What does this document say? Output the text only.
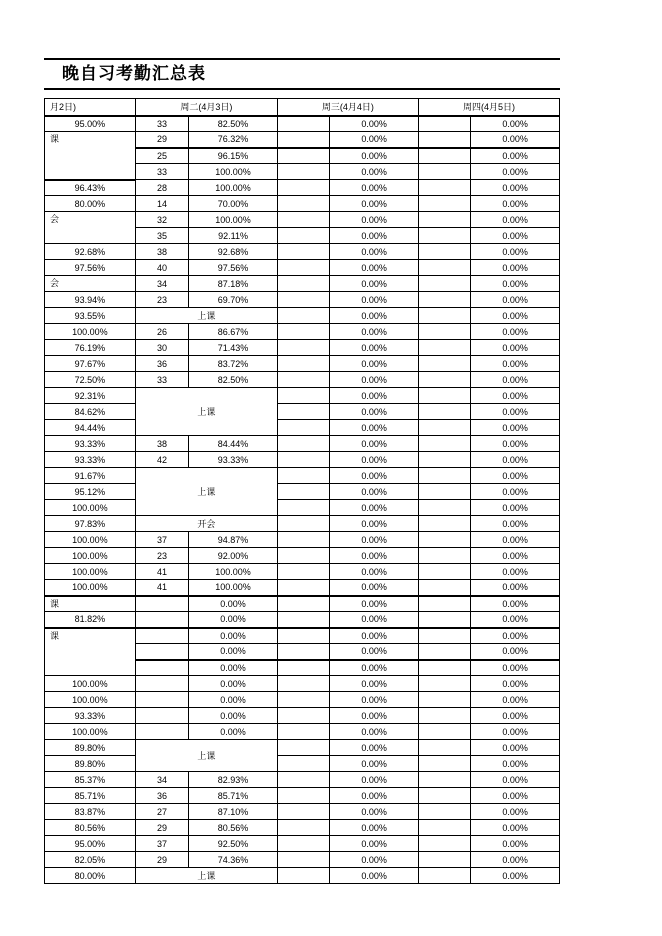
晚自习考勤汇总表
月2日)	周二(4月3日)		周三(4月4日)		周四(4月5日)	
95.00%	33	82.50%		0.00%		0.00%
课	29	76.32%		0.00%		0.00%
	25	96.15%		0.00%		0.00%
	33	100.00%		0.00%		0.00%
96.43%	28	100.00%		0.00%		0.00%
80.00%	14	70.00%		0.00%		0.00%
会	32	100.00%		0.00%		0.00%
	35	92.11%		0.00%		0.00%
92.68%	38	92.68%		0.00%		0.00%
97.56%	40	97.56%		0.00%		0.00%
会	34	87.18%		0.00%		0.00%
93.94%	23	69.70%		0.00%		0.00%
93.55%	上课			0.00%		0.00%
100.00%	26	86.67%		0.00%		0.00%
76.19%	30	71.43%		0.00%		0.00%
97.67%	36	83.72%		0.00%		0.00%
72.50%	33	82.50%		0.00%		0.00%
92.31%	上课			0.00%		0.00%
84.62%				0.00%		0.00%
94.44%				0.00%		0.00%
93.33%	38	84.44%		0.00%		0.00%
93.33%	42	93.33%		0.00%		0.00%
91.67%	上课			0.00%		0.00%
95.12%				0.00%		0.00%
100.00%				0.00%		0.00%
97.83%	开会			0.00%		0.00%
100.00%	37	94.87%		0.00%		0.00%
100.00%	23	92.00%		0.00%		0.00%
100.00%	41	100.00%		0.00%		0.00%
100.00%	41	100.00%		0.00%		0.00%
课		0.00%		0.00%		0.00%
81.82%		0.00%		0.00%		0.00%
课		0.00%		0.00%		0.00%
		0.00%		0.00%		0.00%
		0.00%		0.00%		0.00%
100.00%		0.00%		0.00%		0.00%
100.00%		0.00%		0.00%		0.00%
93.33%		0.00%		0.00%		0.00%
100.00%		0.00%		0.00%		0.00%
89.80%	上课			0.00%		0.00%
89.80%				0.00%		0.00%
85.37%	34	82.93%		0.00%		0.00%
85.71%	36	85.71%		0.00%		0.00%
83.87%	27	87.10%		0.00%		0.00%
80.56%	29	80.56%		0.00%		0.00%
95.00%	37	92.50%		0.00%		0.00%
82.05%	29	74.36%		0.00%		0.00%
80.00%	上课			0.00%		0.00%
